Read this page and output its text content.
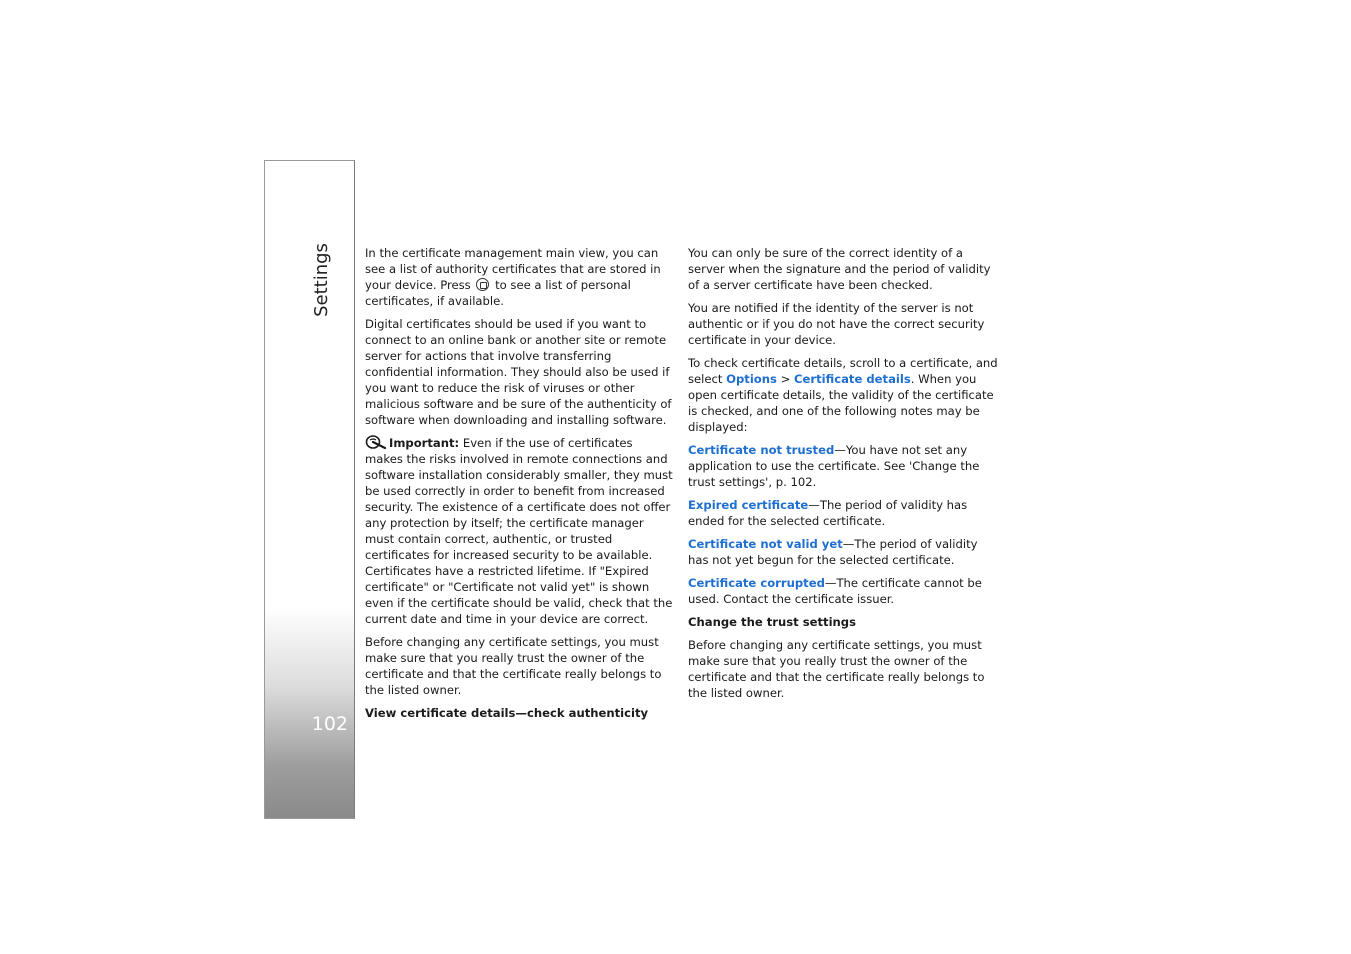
Settings
102

In the certificate management main view, you can see a list of authority certificates that are stored in your device. Press to see a list of personal certificates, if available.

Digital certificates should be used if you want to connect to an online bank or another site or remote server for actions that involve transferring confidential information. They should also be used if you want to reduce the risk of viruses or other malicious software and be sure of the authenticity of software when downloading and installing software.

Important: Even if the use of certificates makes the risks involved in remote connections and software installation considerably smaller, they must be used correctly in order to benefit from increased security. The existence of a certificate does not offer any protection by itself; the certificate manager must contain correct, authentic, or trusted certificates for increased security to be available. Certificates have a restricted lifetime. If "Expired certificate" or "Certificate not valid yet" is shown even if the certificate should be valid, check that the current date and time in your device are correct.

Before changing any certificate settings, you must make sure that you really trust the owner of the certificate and that the certificate really belongs to the listed owner.

View certificate details—check authenticity

You can only be sure of the correct identity of a server when the signature and the period of validity of a server certificate have been checked.

You are notified if the identity of the server is not authentic or if you do not have the correct security certificate in your device.

To check certificate details, scroll to a certificate, and select Options > Certificate details. When you open certificate details, the validity of the certificate is checked, and one of the following notes may be displayed:

Certificate not trusted—You have not set any application to use the certificate. See 'Change the trust settings', p. 102.

Expired certificate—The period of validity has ended for the selected certificate.

Certificate not valid yet—The period of validity has not yet begun for the selected certificate.

Certificate corrupted—The certificate cannot be used. Contact the certificate issuer.

Change the trust settings

Before changing any certificate settings, you must make sure that you really trust the owner of the certificate and that the certificate really belongs to the listed owner.
